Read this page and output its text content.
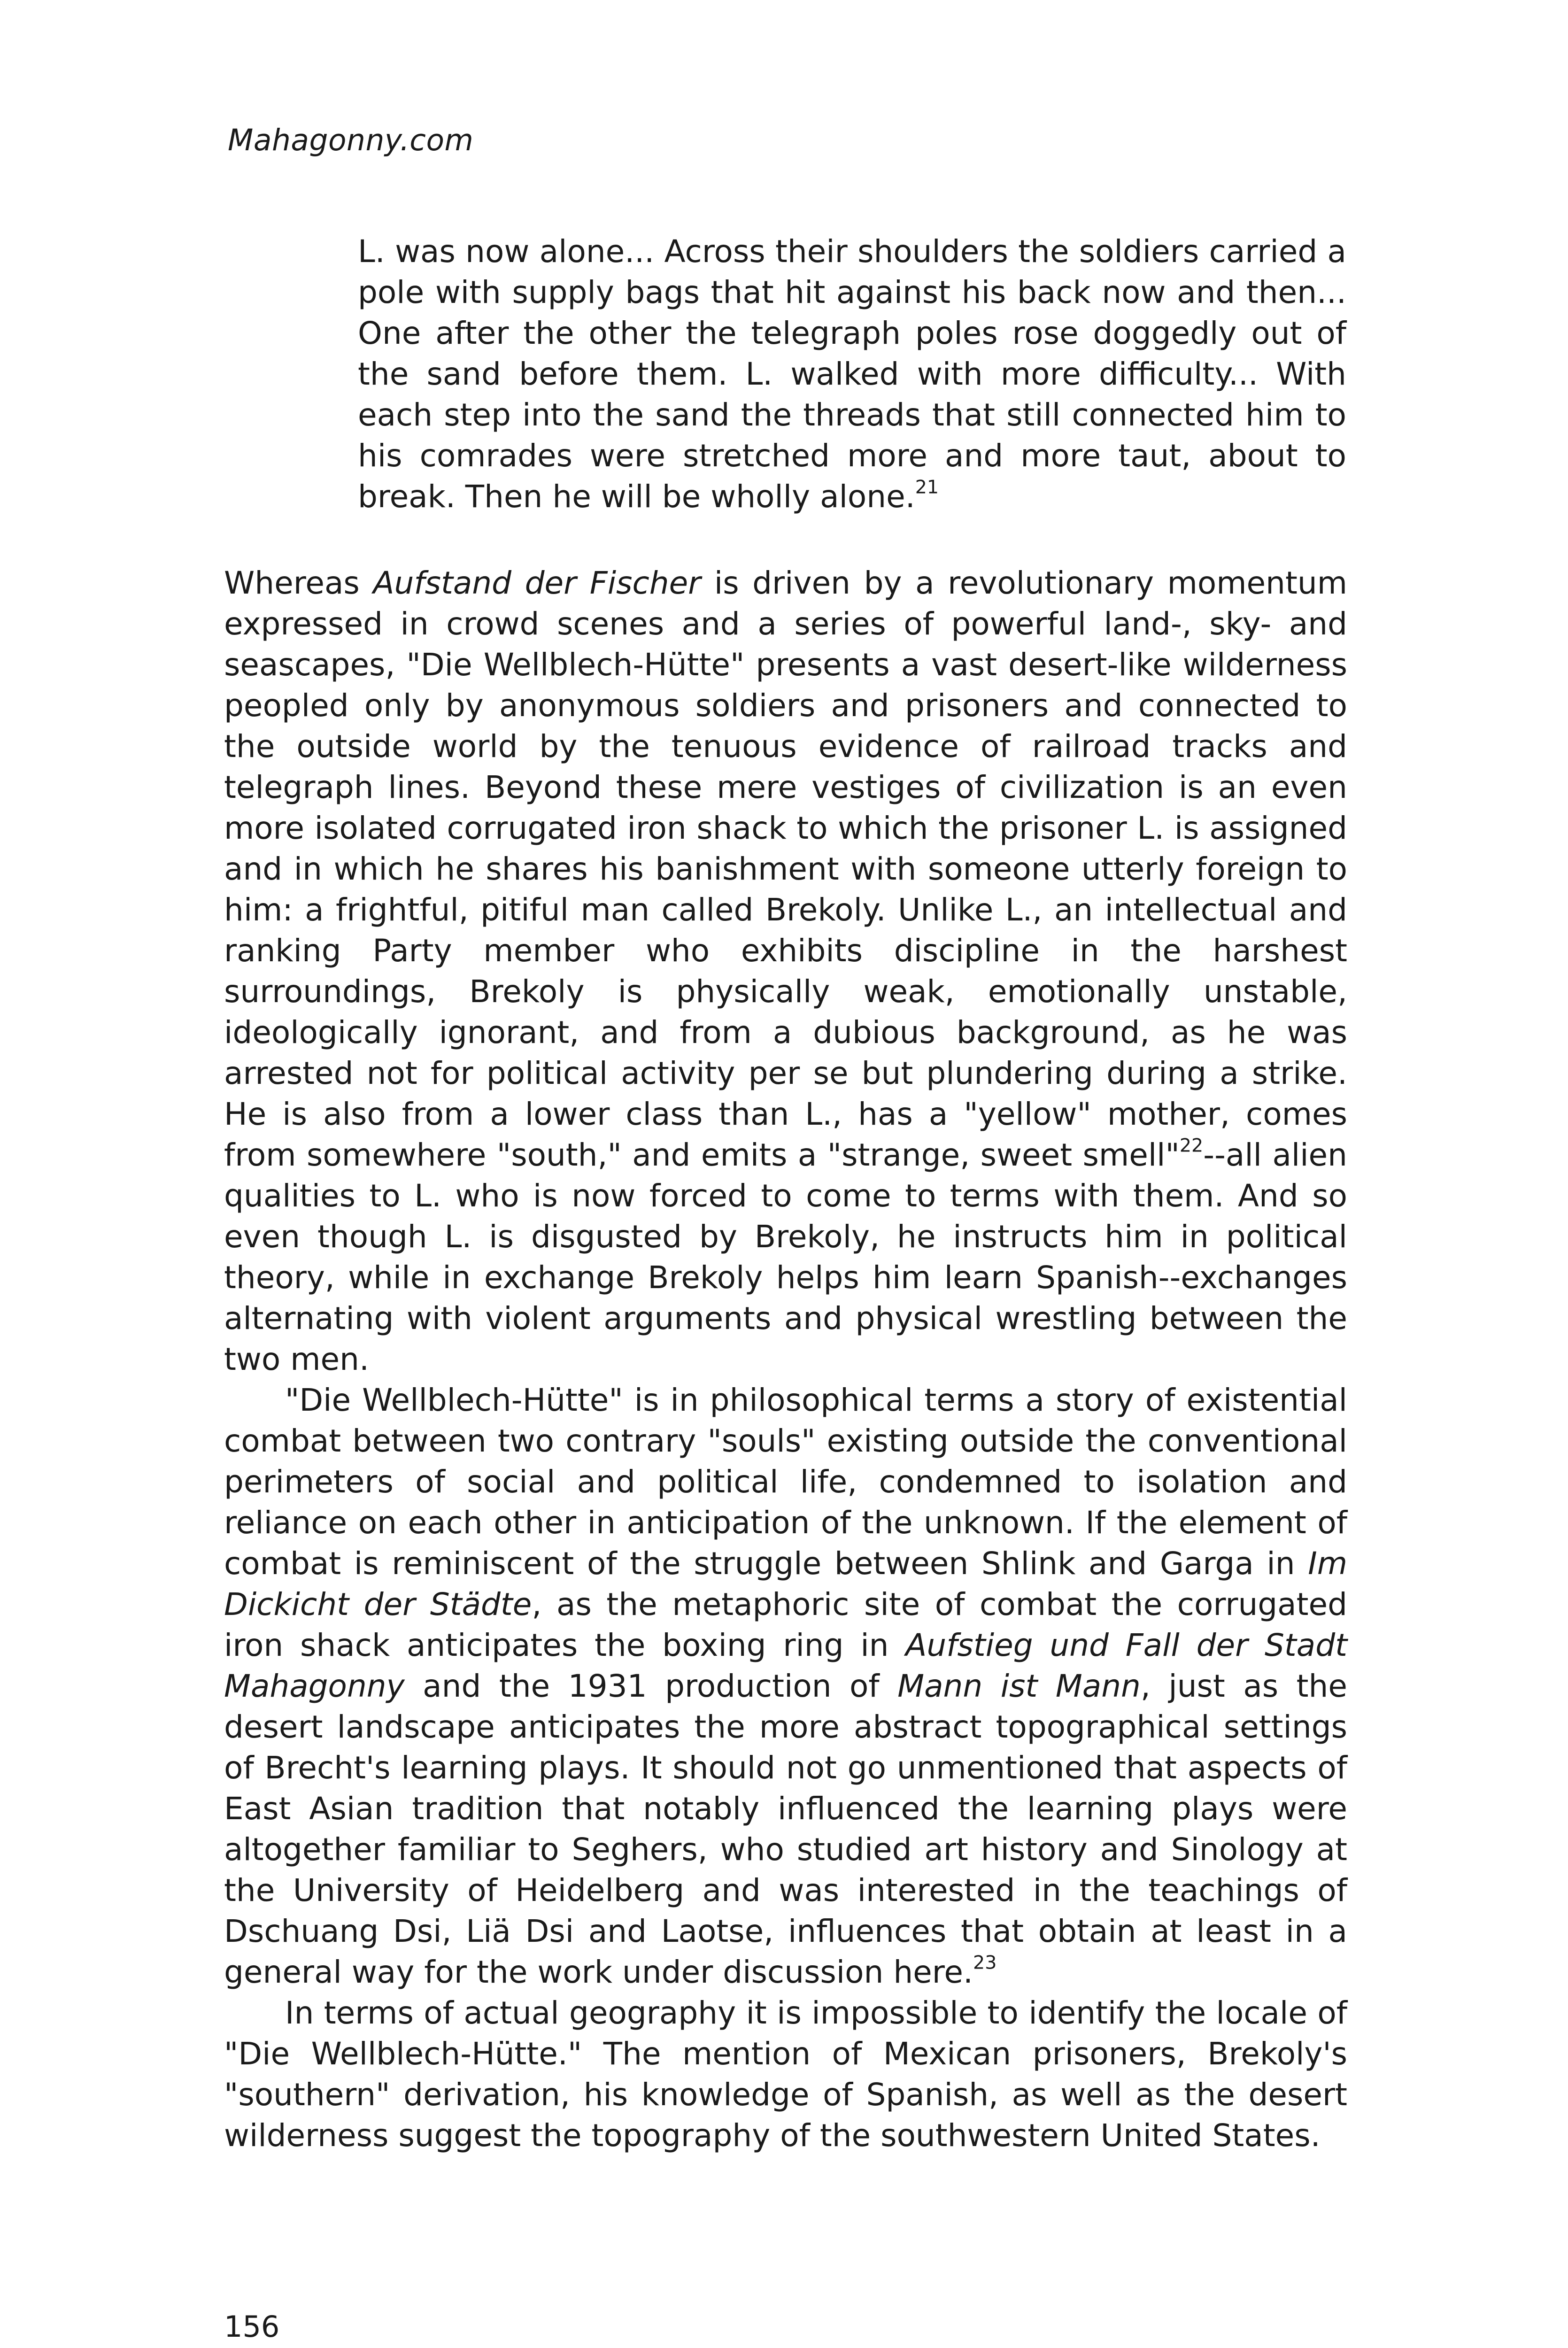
Mahagonny.com

L. was now alone... Across their shoulders the soldiers carried a pole with supply bags that hit against his back now and then... One after the other the telegraph poles rose doggedly out of the sand before them. L. walked with more difficulty... With each step into the sand the threads that still connected him to his comrades were stretched more and more taut, about to break. Then he will be wholly alone.$^{21}$

Whereas Aufstand der Fischer is driven by a revolutionary momentum expressed in crowd scenes and a series of powerful land-, sky- and seascapes, "Die Wellblech-Hütte" presents a vast desert-like wilderness peopled only by anonymous soldiers and prisoners and connected to the outside world by the tenuous evidence of railroad tracks and telegraph lines. Beyond these mere vestiges of civilization is an even more isolated corrugated iron shack to which the prisoner L. is assigned and in which he shares his banishment with someone utterly foreign to him: a frightful, pitiful man called Brekoly. Unlike L., an intellectual and ranking Party member who exhibits discipline in the harshest surroundings, Brekoly is physically weak, emotionally unstable, ideologically ignorant, and from a dubious background, as he was arrested not for political activity per se but plundering during a strike. He is also from a lower class than L., has a "yellow" mother, comes from somewhere "south," and emits a "strange, sweet smell"$^{22}$--all alien qualities to L. who is now forced to come to terms with them. And so even though L. is disgusted by Brekoly, he instructs him in political theory, while in exchange Brekoly helps him learn Spanish--exchanges alternating with violent arguments and physical wrestling between the two men.

"Die Wellblech-Hütte" is in philosophical terms a story of existential combat between two contrary "souls" existing outside the conventional perimeters of social and political life, condemned to isolation and reliance on each other in anticipation of the unknown. If the element of combat is reminiscent of the struggle between Shlink and Garga in Im Dickicht der Städte, as the metaphoric site of combat the corrugated iron shack anticipates the boxing ring in Aufstieg und Fall der Stadt Mahagonny and the 1931 production of Mann ist Mann, just as the desert landscape anticipates the more abstract topographical settings of Brecht's learning plays. It should not go unmentioned that aspects of East Asian tradition that notably influenced the learning plays were altogether familiar to Seghers, who studied art history and Sinology at the University of Heidelberg and was interested in the teachings of Dschuang Dsi, Liä Dsi and Laotse, influences that obtain at least in a general way for the work under discussion here.$^{23}$

In terms of actual geography it is impossible to identify the locale of "Die Wellblech-Hütte." The mention of Mexican prisoners, Brekoly's "southern" derivation, his knowledge of Spanish, as well as the desert wilderness suggest the topography of the southwestern United States.

156
